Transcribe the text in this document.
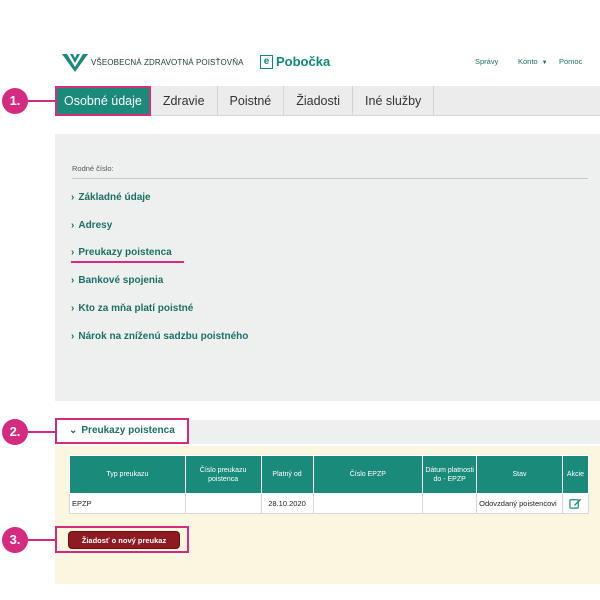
VŠEOBECNÁ ZDRAVOTNÁ POISŤOVŇA	e Pobočka	Správy	Konto ▼ Pomoc
Osobné údaje	Zdravie	Poistné	Žiadosti	Iné služby
1.
Rodné číslo:
› Základné údaje
› Adresy
› Preukazy poistenca
› Bankové spojenia
› Kto za mňa platí poistné
› Nárok na zníženú sadzbu poistného
⌄ Preukazy poistenca
2.
Typ preukazu	Číslo preukazu poistenca	Platný od	Číslo EPZP	Dátum platnosti do - EPZP	Stav	Akcie
EPZP		28.10.2020			Odovzdaný poistencovi	
Žiadosť o nový preukaz
3.
